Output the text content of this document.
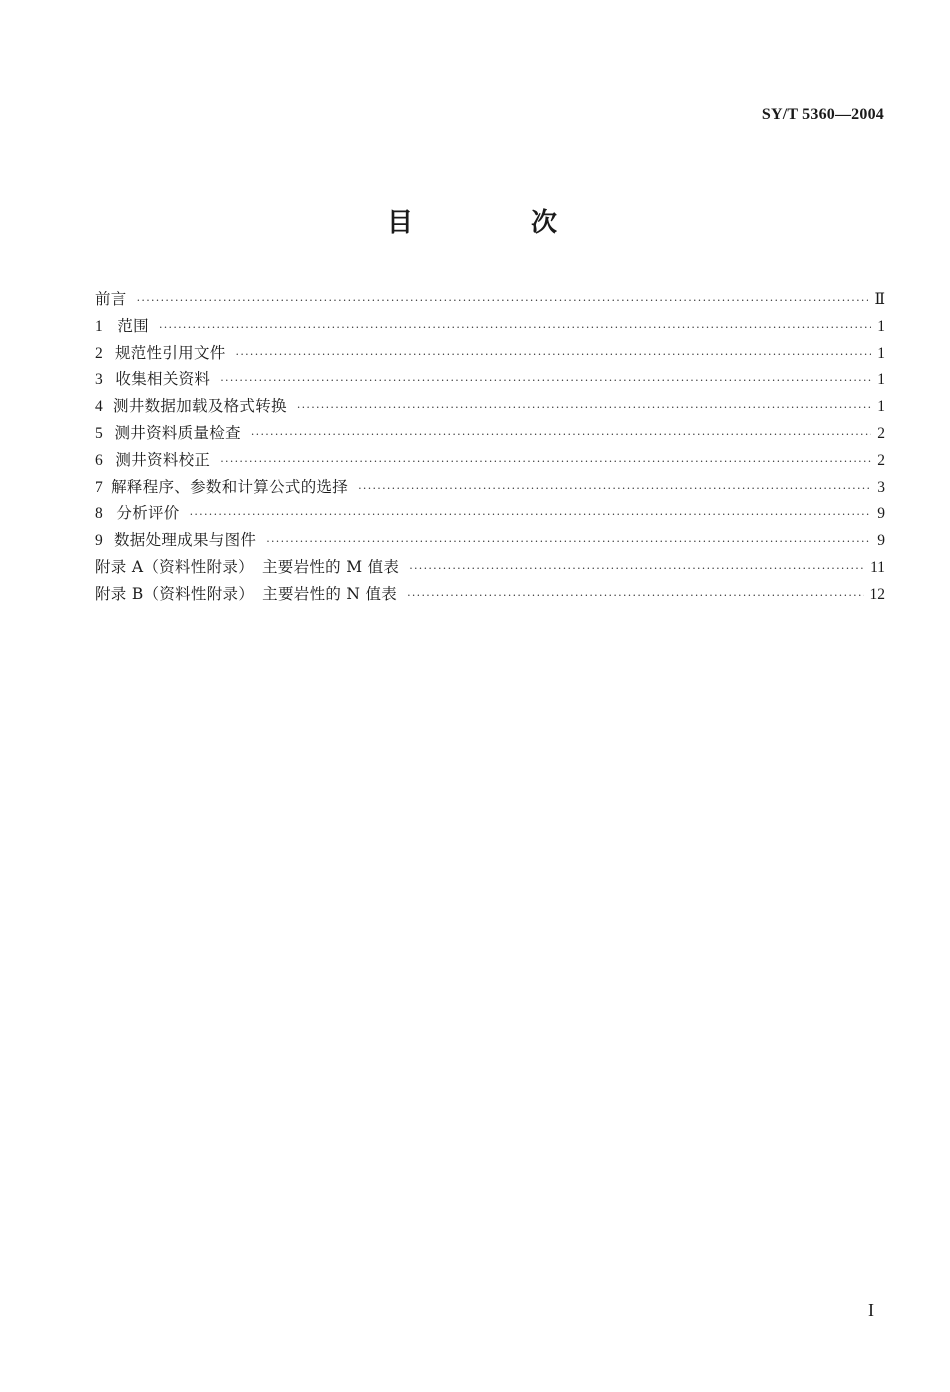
SY/T 5360—2004
目　次
前言 ·····	Ⅱ
1 范围 ·····	1
2 规范性引用文件 ·····	1
3 收集相关资料 ·····	1
4 测井数据加载及格式转换 ·····	1
5 测井资料质量检查 ·····	2
6 测井资料校正 ·····	2
7 解释程序、参数和计算公式的选择 ·····	3
8 分析评价 ·····	9
9 数据处理成果与图件 ·····	9
附录 A（资料性附录）　主要岩性的 M 值表 ·····	11
附录 B（资料性附录）　主要岩性的 N 值表 ·····	12
I
